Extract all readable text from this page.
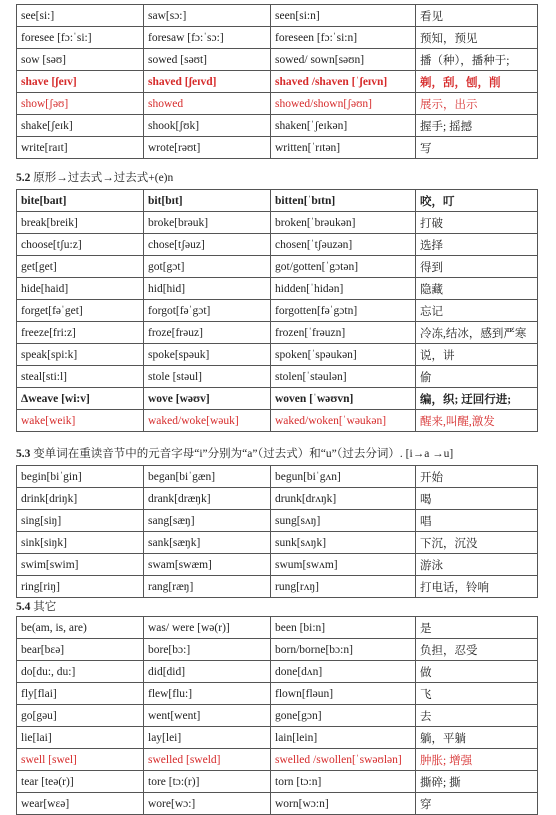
see[si:]	saw[sɔ:]	seen[si:n]	看见
foresee [fɔ:ˈsi:]	foresaw [fɔ:ˈsɔ:]	foreseen [fɔ:ˈsi:n]	预知，预见
sow [səʊ]	sowed [səʊt]	sowed/ sown[səʊn]	播（种），播种于;
shave [ʃeɪv]	shaved [ʃeɪvd]	shaved /shaven [ˈʃeɪvn]	剃，刮，刨，削
show[ʃəʊ]	showed	showed/shown[ʃəʊn]	展示，出示
shake[ʃeɪk]	shook[ʃʊk]	shaken[ˈʃeɪkən]	握手; 摇撼
write[raɪt]	wrote[rəʊt]	written[ˈrɪtən]	写
5.2 原形→过去式→过去式+(e)n
bite[baɪt]	bit[bɪt]	bitten[ˈbɪtn]	咬，叮
break[breik]	broke[brəuk]	broken[ˈbrəukən]	打破
choose[tʃu:z]	chose[tʃəuz]	chosen[ˈtʃəuzən]	选择
get[get]	got[gɔt]	got/gotten[ˈgɔtən]	得到
hide[haid]	hid[hid]	hidden[ˈhidən]	隐藏
forget[fəˈget]	forgot[fəˈgɔt]	forgotten[fəˈgɔtn]	忘记
freeze[fri:z]	froze[frəuz]	frozen[ˈfrəuzn]	冷冻,结冰，感到严寒
speak[spi:k]	spoke[spəuk]	spoken[ˈspəukən]	说，讲
steal[sti:l]	stole [stəul]	stolen[ˈstəulən]	偷
Δweave [wi:v]	wove [wəʊv]	woven [ˈwəʊvn]	编，织; 迂回行进;
wake[weik]	waked/woke[wəuk]	waked/woken[ˈwəukən]	醒来,叫醒,激发
5.3 变单词在重读音节中的元音字母“i”分别为“a”（过去式）和“u”（过去分词）. [i→a →u]
begin[biˈgin]	began[biˈgæn]	begun[biˈgʌn]	开始
drink[driŋk]	drank[dræŋk]	drunk[drʌŋk]	喝
sing[siŋ]	sang[sæŋ]	sung[sʌŋ]	唱
sink[siŋk]	sank[sæŋk]	sunk[sʌŋk]	下沉，沉没
swim[swim]	swam[swæm]	swum[swʌm]	游泳
ring[riŋ]	rang[ræŋ]	rung[rʌŋ]	打电话，铃响
5.4 其它
be(am, is, are)	was/ were [wə(r)]	been [bi:n]	是
bear[bɛə]	bore[bɔ:]	born/borne[bɔ:n]	负担，忍受
do[du:, du:]	did[did]	done[dʌn]	做
fly[flai]	flew[flu:]	flown[fləun]	飞
go[gəu]	went[went]	gone[gɔn]	去
lie[lai]	lay[lei]	lain[lein]	躺，平躺
swell [swel]	swelled [sweld]	swelled /swollen[ˈswəʊlən]	肿胀; 增强
tear [teə(r)]	tore [tɔ:(r)]	torn [tɔ:n]	撕碎; 撕
wear[wɛə]	wore[wɔ:]	worn[wɔ:n]	穿
